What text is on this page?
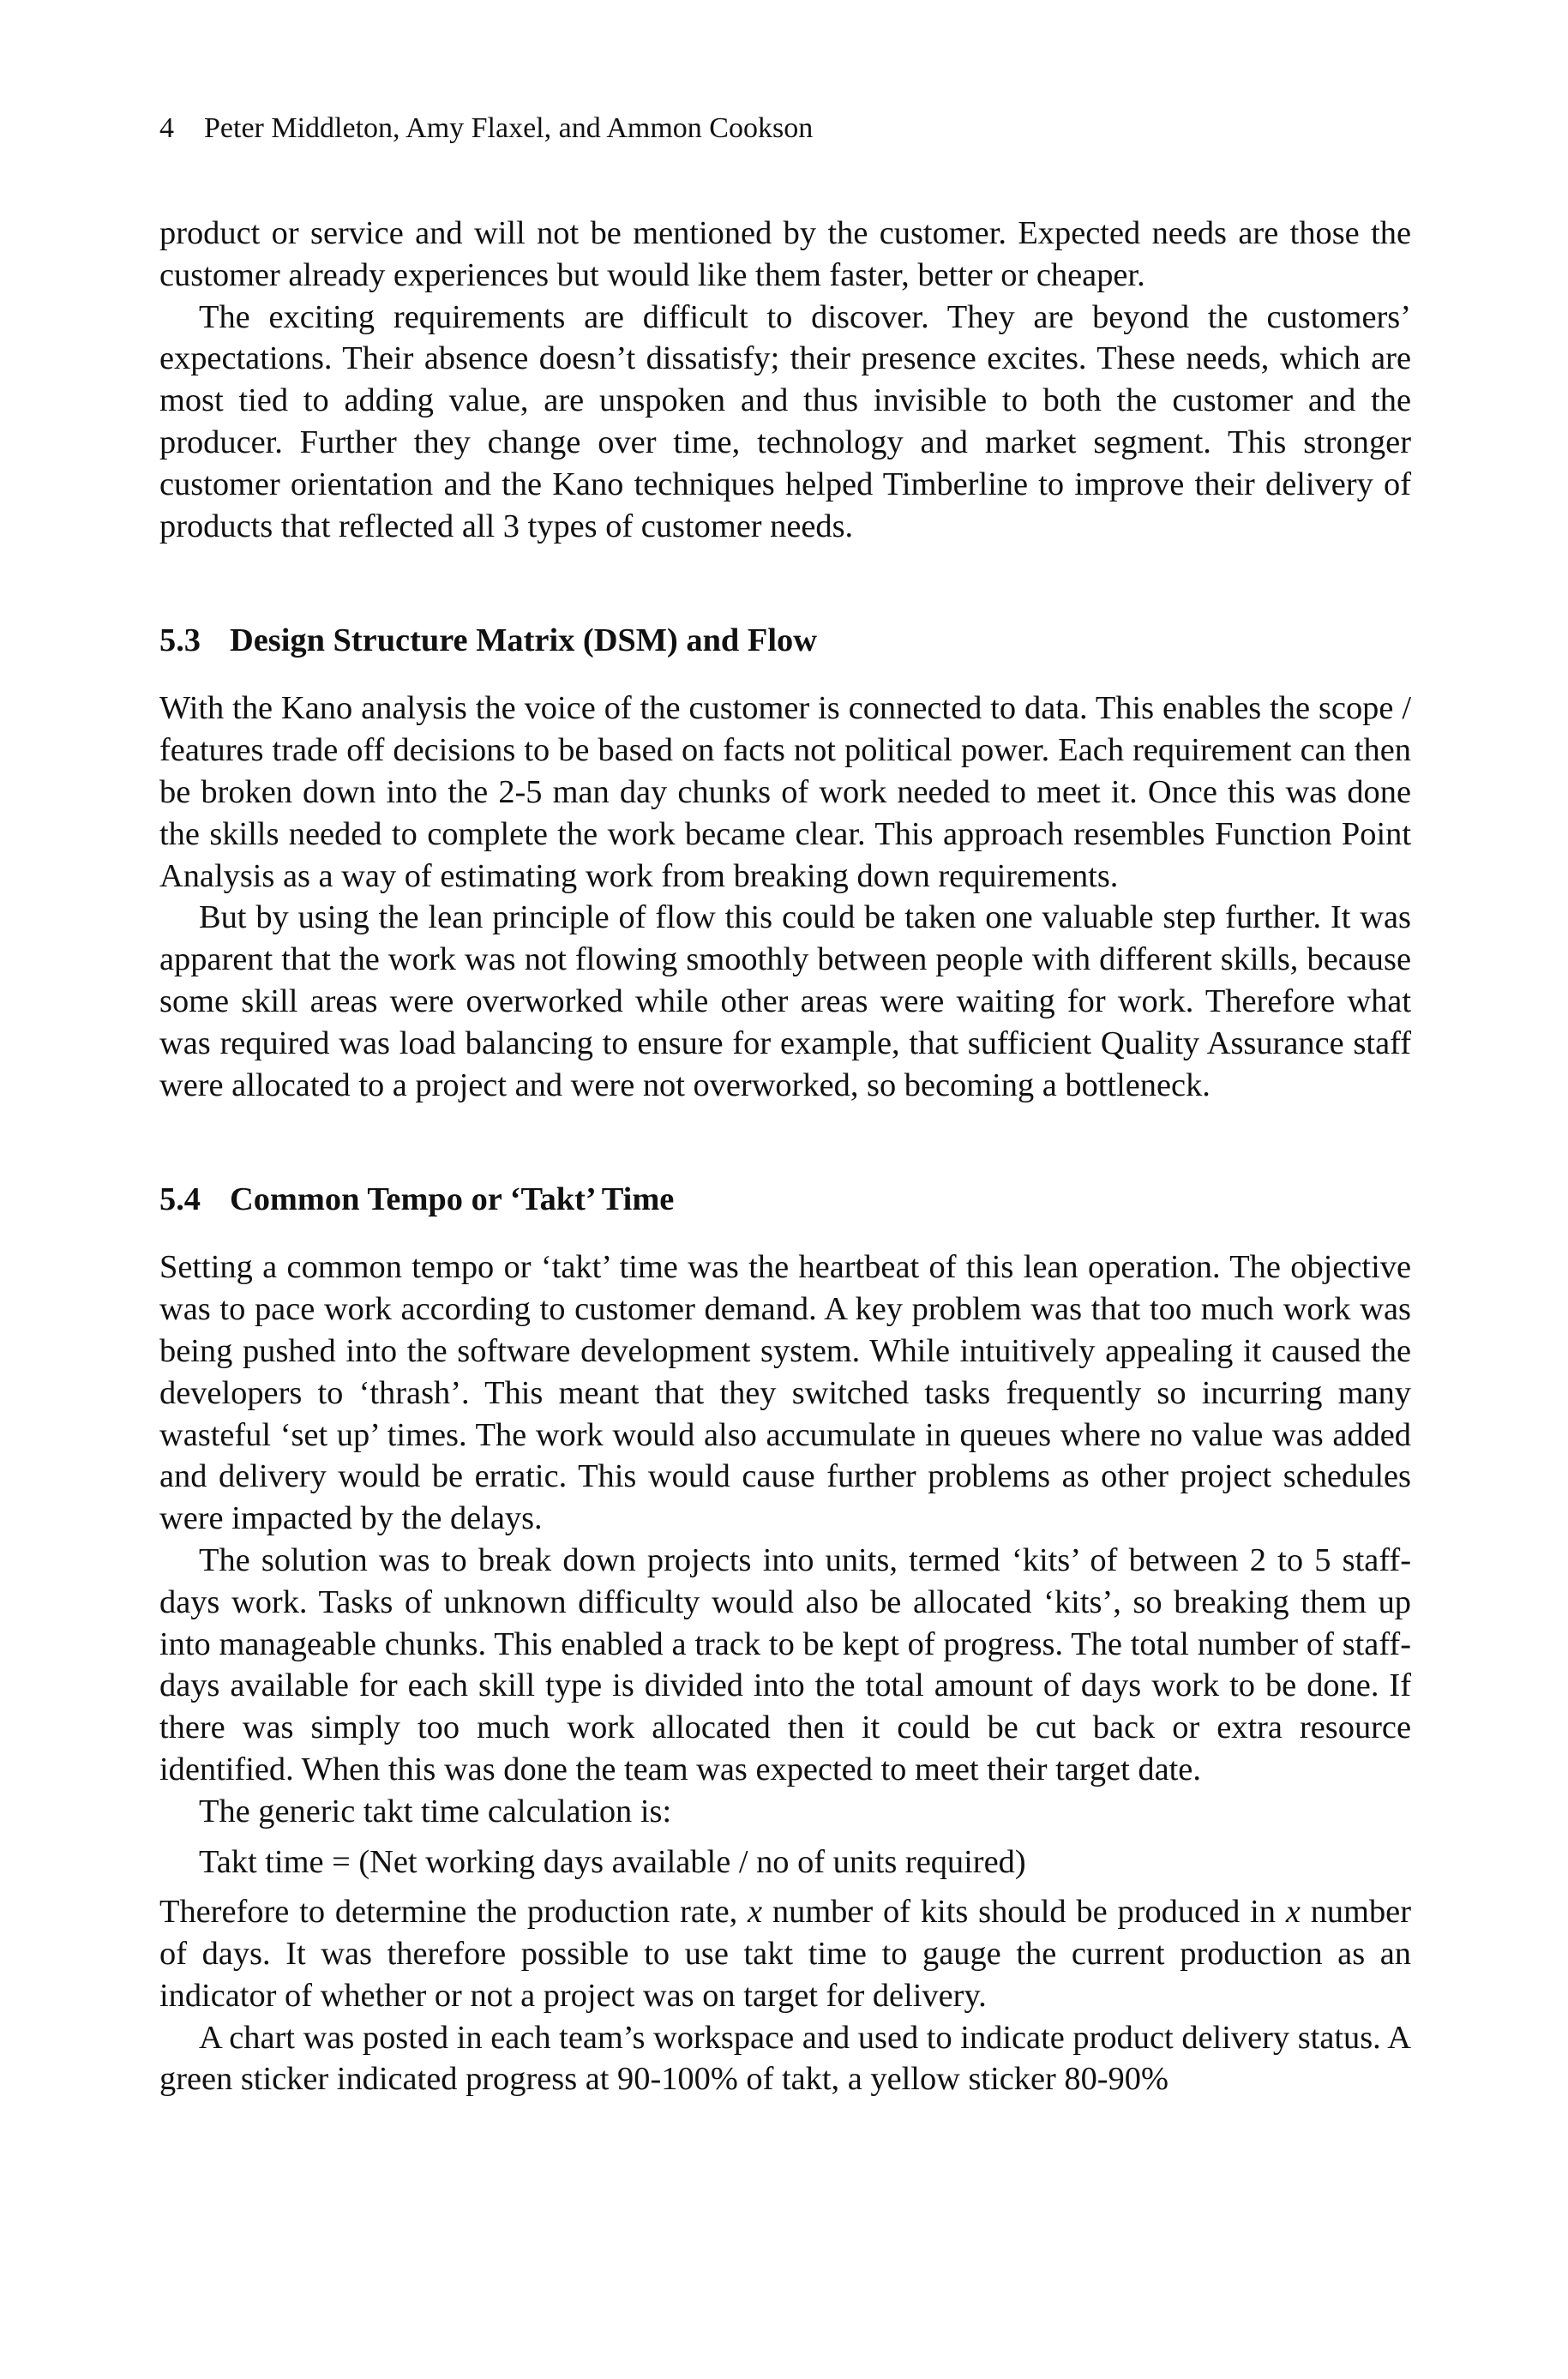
4 Peter Middleton, Amy Flaxel, and Ammon Cookson

product or service and will not be mentioned by the customer. Expected needs are those the customer already experiences but would like them faster, better or cheaper.

The exciting requirements are difficult to discover. They are beyond the customers’ expectations. Their absence doesn’t dissatisfy; their presence excites. These needs, which are most tied to adding value, are unspoken and thus invisible to both the customer and the producer. Further they change over time, technology and market segment. This stronger customer orientation and the Kano techniques helped Timberline to improve their delivery of products that reflected all 3 types of customer needs.

5.3 Design Structure Matrix (DSM) and Flow

With the Kano analysis the voice of the customer is connected to data. This enables the scope / features trade off decisions to be based on facts not political power. Each requirement can then be broken down into the 2-5 man day chunks of work needed to meet it. Once this was done the skills needed to complete the work became clear. This approach resembles Function Point Analysis as a way of estimating work from breaking down requirements.

But by using the lean principle of flow this could be taken one valuable step further. It was apparent that the work was not flowing smoothly between people with different skills, because some skill areas were overworked while other areas were waiting for work. Therefore what was required was load balancing to ensure for example, that sufficient Quality Assurance staff were allocated to a project and were not overworked, so becoming a bottleneck.

5.4 Common Tempo or ‘Takt’ Time

Setting a common tempo or ‘takt’ time was the heartbeat of this lean operation. The objective was to pace work according to customer demand. A key problem was that too much work was being pushed into the software development system. While intuitively appealing it caused the developers to ‘thrash’. This meant that they switched tasks frequently so incurring many wasteful ‘set up’ times. The work would also accumulate in queues where no value was added and delivery would be erratic. This would cause further problems as other project schedules were impacted by the delays.

The solution was to break down projects into units, termed ‘kits’ of between 2 to 5 staff-days work. Tasks of unknown difficulty would also be allocated ‘kits’, so breaking them up into manageable chunks. This enabled a track to be kept of progress. The total number of staff-days available for each skill type is divided into the total amount of days work to be done. If there was simply too much work allocated then it could be cut back or extra resource identified. When this was done the team was expected to meet their target date.

The generic takt time calculation is:

Takt time = (Net working days available / no of units required)

Therefore to determine the production rate, x number of kits should be produced in x number of days. It was therefore possible to use takt time to gauge the current production as an indicator of whether or not a project was on target for delivery.

A chart was posted in each team’s workspace and used to indicate product delivery status. A green sticker indicated progress at 90-100% of takt, a yellow sticker 80-90%
